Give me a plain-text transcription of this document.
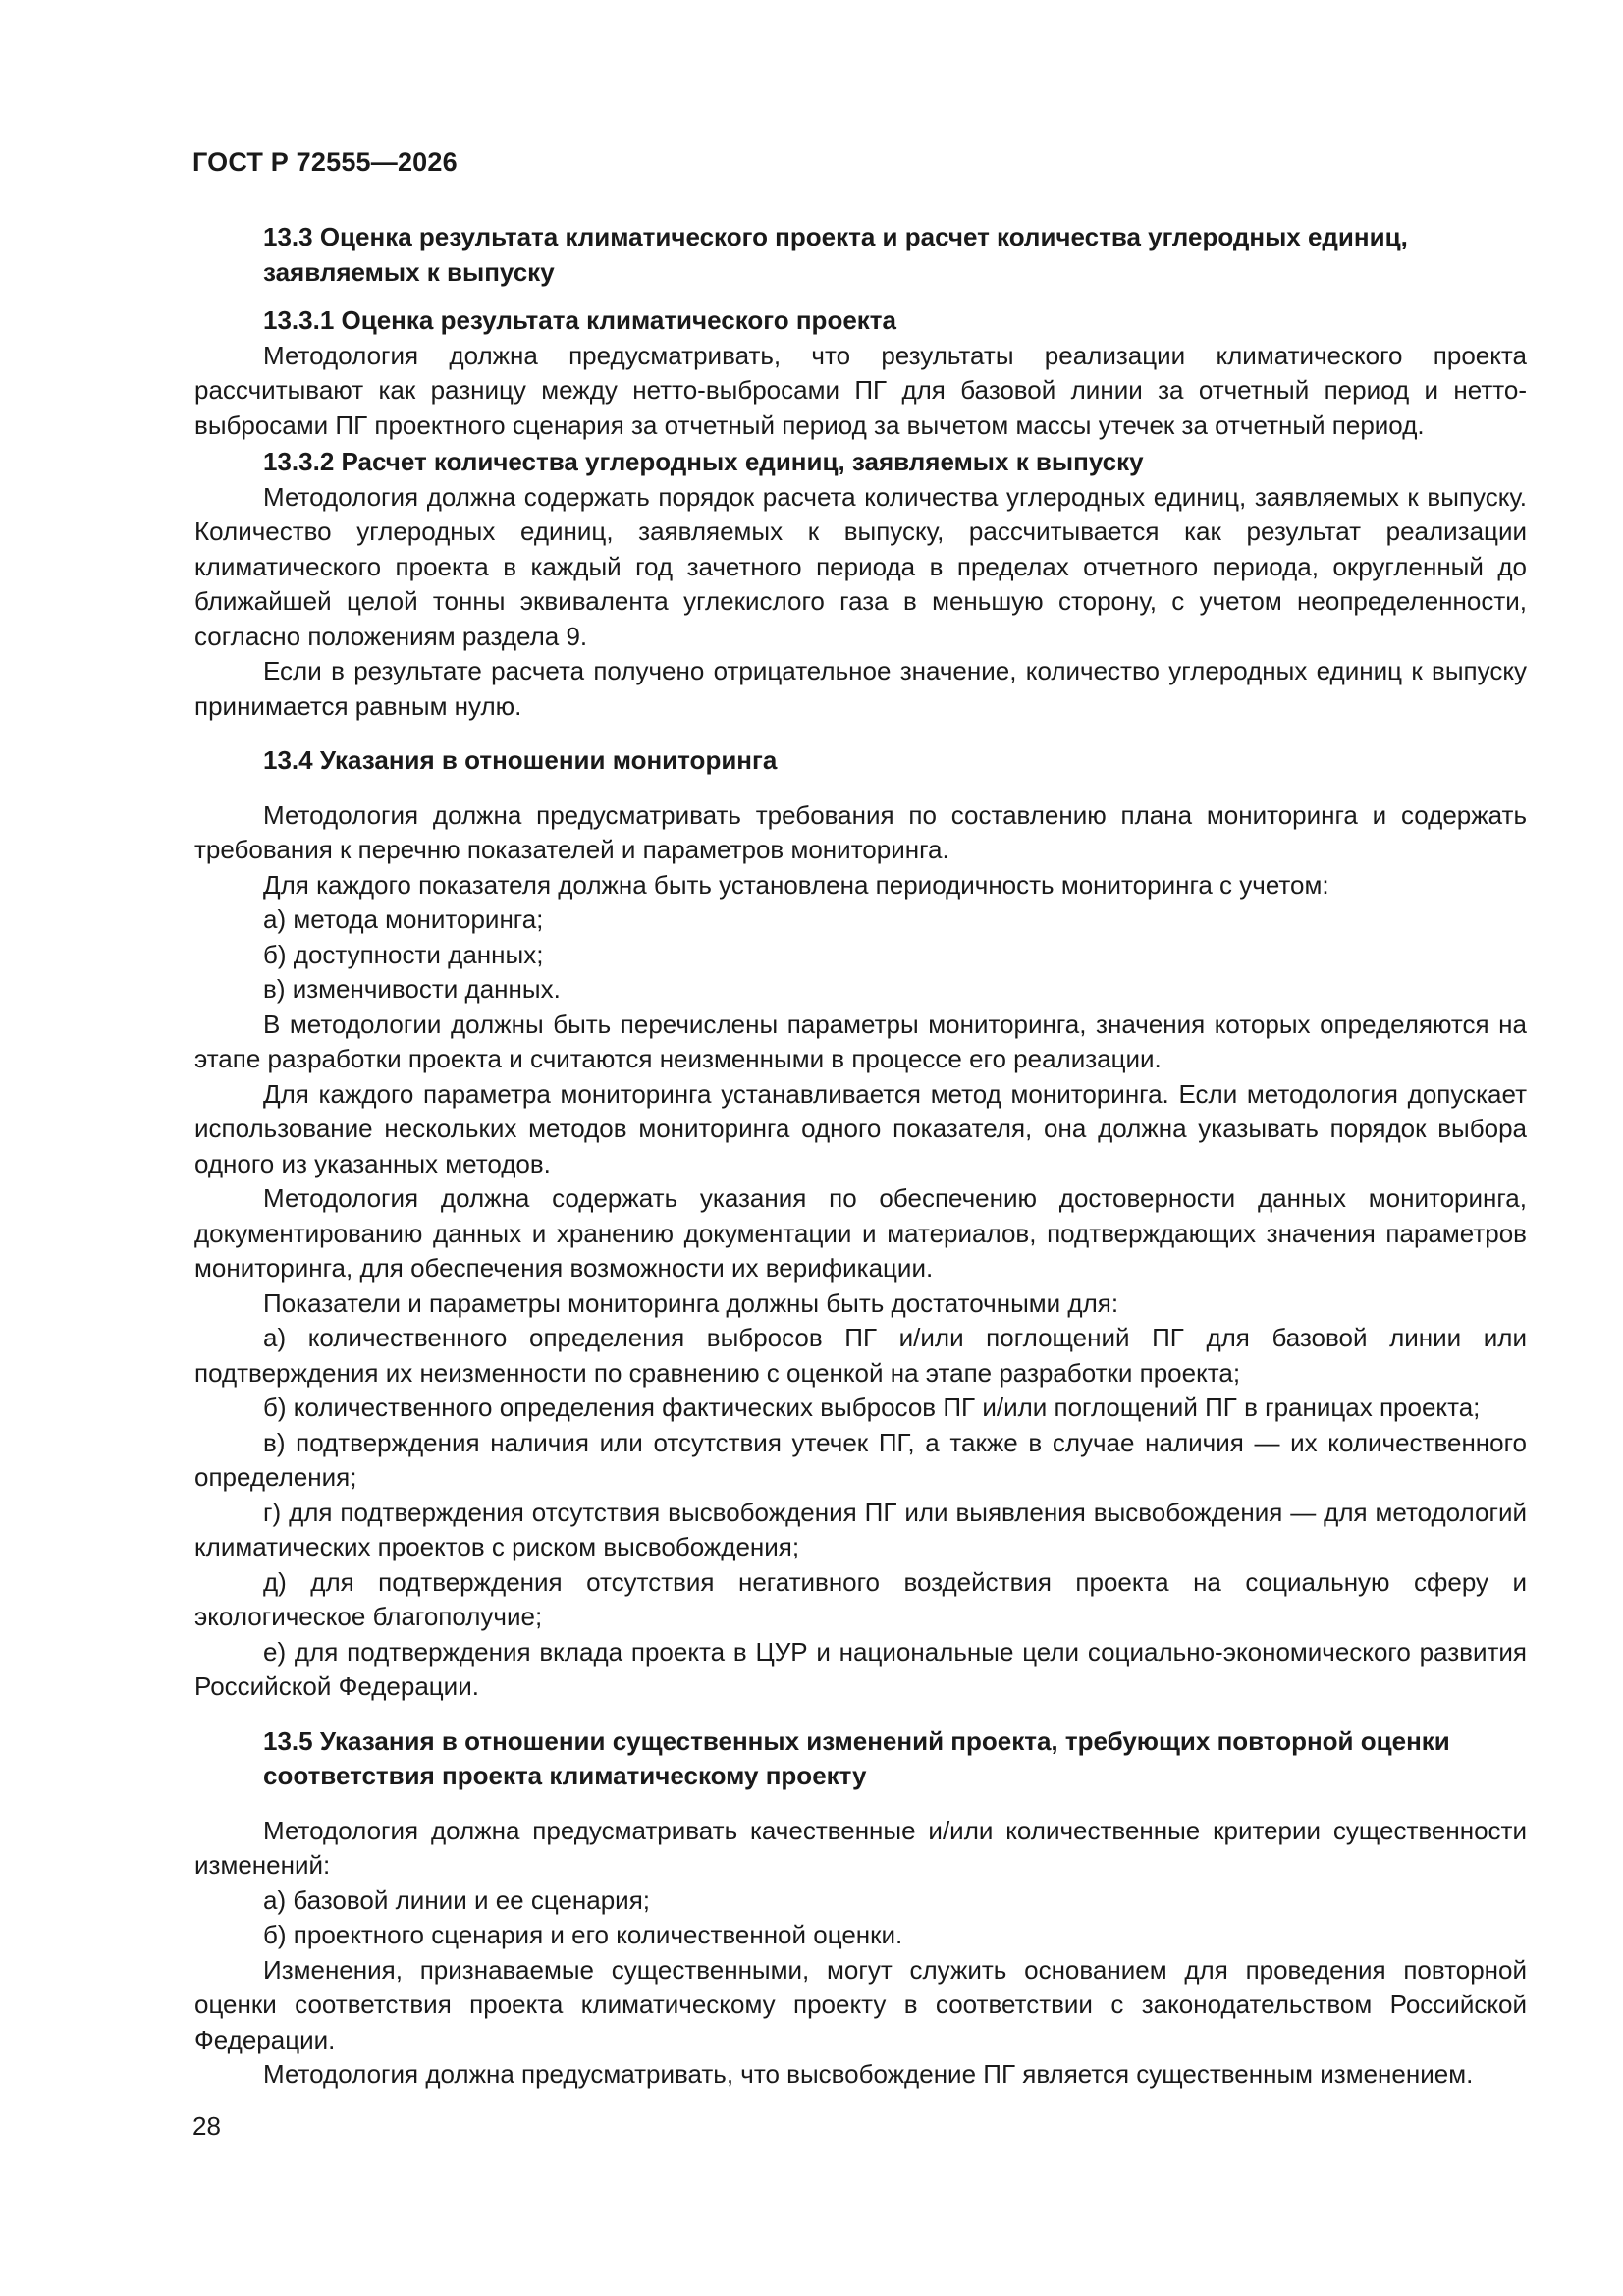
ГОСТ Р 72555—2026
13.3 Оценка результата климатического проекта и расчет количества углеродных единиц, заявляемых к выпуску
13.3.1 Оценка результата климатического проекта

Методология должна предусматривать, что результаты реализации климатического проекта рассчитывают как разницу между нетто-выбросами ПГ для базовой линии за отчетный период и нетто-выбросами ПГ проектного сценария за отчетный период за вычетом массы утечек за отчетный период.

13.3.2 Расчет количества углеродных единиц, заявляемых к выпуску

Методология должна содержать порядок расчета количества углеродных единиц, заявляемых к выпуску. Количество углеродных единиц, заявляемых к выпуску, рассчитывается как результат реализации климатического проекта в каждый год зачетного периода в пределах отчетного периода, округленный до ближайшей целой тонны эквивалента углекислого газа в меньшую сторону, с учетом неопределенности, согласно положениям раздела 9.

Если в результате расчета получено отрицательное значение, количество углеродных единиц к выпуску принимается равным нулю.

13.4 Указания в отношении мониторинга

Методология должна предусматривать требования по составлению плана мониторинга и содержать требования к перечню показателей и параметров мониторинга.

Для каждого показателя должна быть установлена периодичность мониторинга с учетом:

а) метода мониторинга;

б) доступности данных;

в) изменчивости данных.

В методологии должны быть перечислены параметры мониторинга, значения которых определяются на этапе разработки проекта и считаются неизменными в процессе его реализации.

Для каждого параметра мониторинга устанавливается метод мониторинга. Если методология допускает использование нескольких методов мониторинга одного показателя, она должна указывать порядок выбора одного из указанных методов.

Методология должна содержать указания по обеспечению достоверности данных мониторинга, документированию данных и хранению документации и материалов, подтверждающих значения параметров мониторинга, для обеспечения возможности их верификации.

Показатели и параметры мониторинга должны быть достаточными для:

а) количественного определения выбросов ПГ и/или поглощений ПГ для базовой линии или подтверждения их неизменности по сравнению с оценкой на этапе разработки проекта;

б) количественного определения фактических выбросов ПГ и/или поглощений ПГ в границах проекта;

в) подтверждения наличия или отсутствия утечек ПГ, а также в случае наличия — их количественного определения;

г) для подтверждения отсутствия высвобождения ПГ или выявления высвобождения — для методологий климатических проектов с риском высвобождения;

д) для подтверждения отсутствия негативного воздействия проекта на социальную сферу и экологическое благополучие;

е) для подтверждения вклада проекта в ЦУР и национальные цели социально-экономического развития Российской Федерации.

13.5 Указания в отношении существенных изменений проекта, требующих повторной оценки соответствия проекта климатическому проекту

Методология должна предусматривать качественные и/или количественные критерии существенности изменений:

а) базовой линии и ее сценария;

б) проектного сценария и его количественной оценки.

Изменения, признаваемые существенными, могут служить основанием для проведения повторной оценки соответствия проекта климатическому проекту в соответствии с законодательством Российской Федерации.

Методология должна предусматривать, что высвобождение ПГ является существенным изменением.

28
